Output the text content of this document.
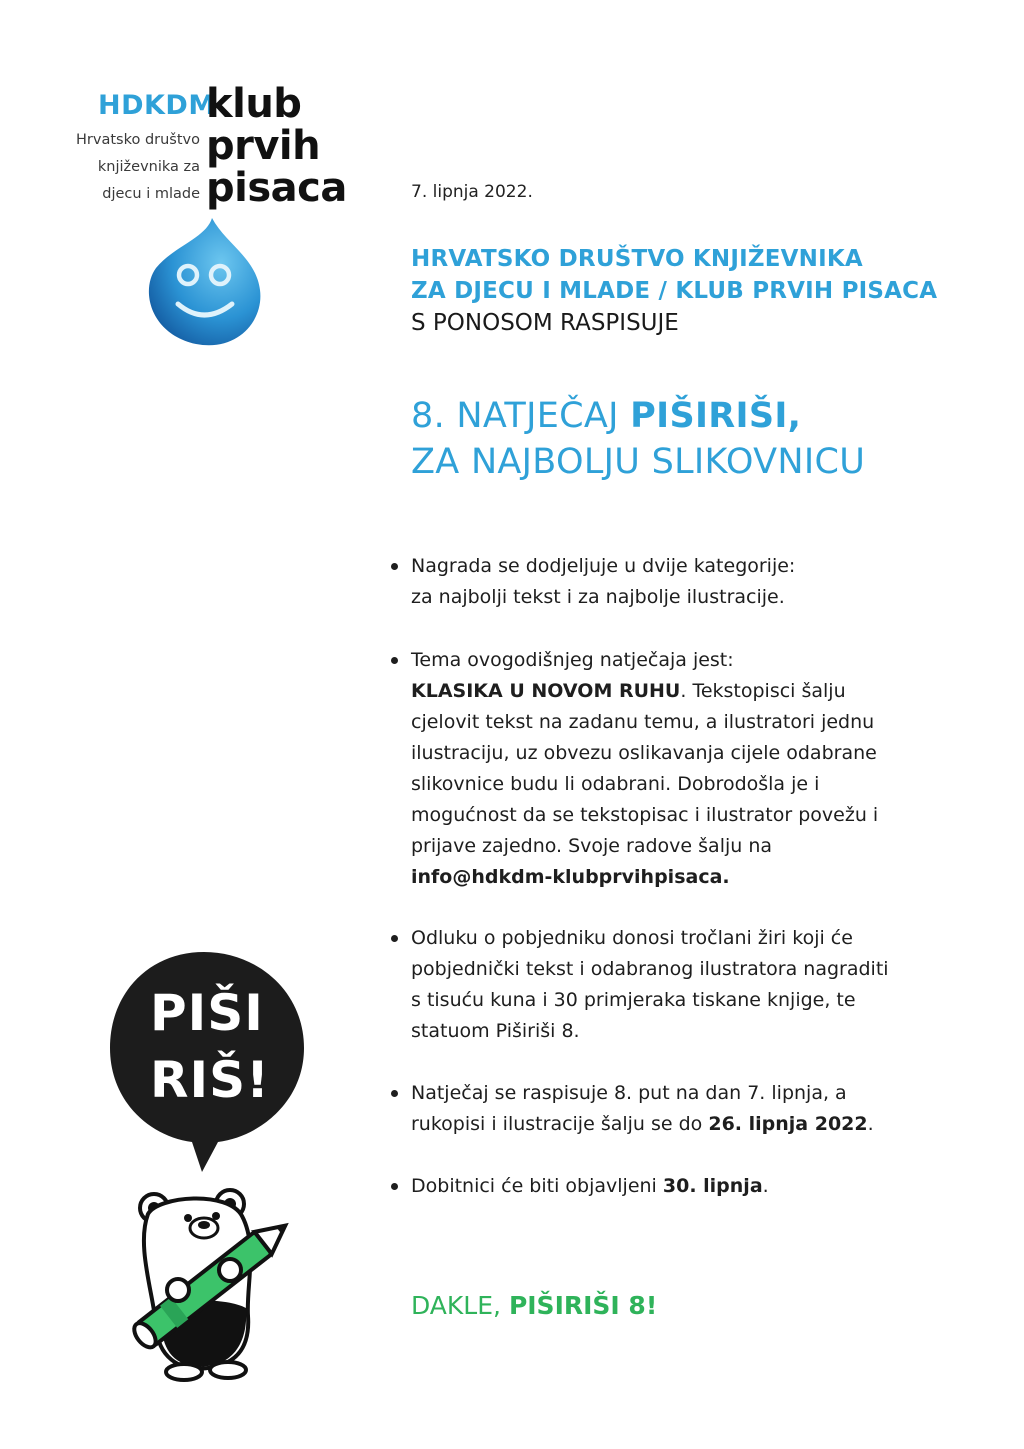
HDKDM
Hrvatsko društvo
književnika za
djecu i mlade
klub
prvih
pisaca	7. lipnja 2022.
HRVATSKO DRUŠTVO KNJIŽEVNIKA
ZA DJECU I MLADE / KLUB PRVIH PISACA
S PONOSOM RASPISUJE
8. NATJEČAJ PIŠIRIŠI,
ZA NAJBOLJU SLIKOVNICU
Nagrada se dodjeljuje u dvije kategorije:
za najbolji tekst i za najbolje ilustracije.
Tema ovogodišnjeg natječaja jest:
KLASIKA U NOVOM RUHU. Tekstopisci šalju
cjelovit tekst na zadanu temu, a ilustratori jednu
ilustraciju, uz obvezu oslikavanja cijele odabrane
slikovnice budu li odabrani. Dobrodošla je i
mogućnost da se tekstopisac i ilustrator povežu i
prijave zajedno. Svoje radove šalju na
info@hdkdm-klubprvihpisaca.
Odluku o pobjedniku donosi tročlani žiri koji će
pobjednički tekst i odabranog ilustratora nagraditi
s tisuću kuna i 30 primjeraka tiskane knjige, te
statuom Piširiši 8.
Natječaj se raspisuje 8. put na dan 7. lipnja, a
rukopisi i ilustracije šalju se do 26. lipnja 2022.
Dobitnici će biti objavljeni 30. lipnja.
DAKLE, PIŠIRIŠI 8!
PIŠI
RIŠ!
